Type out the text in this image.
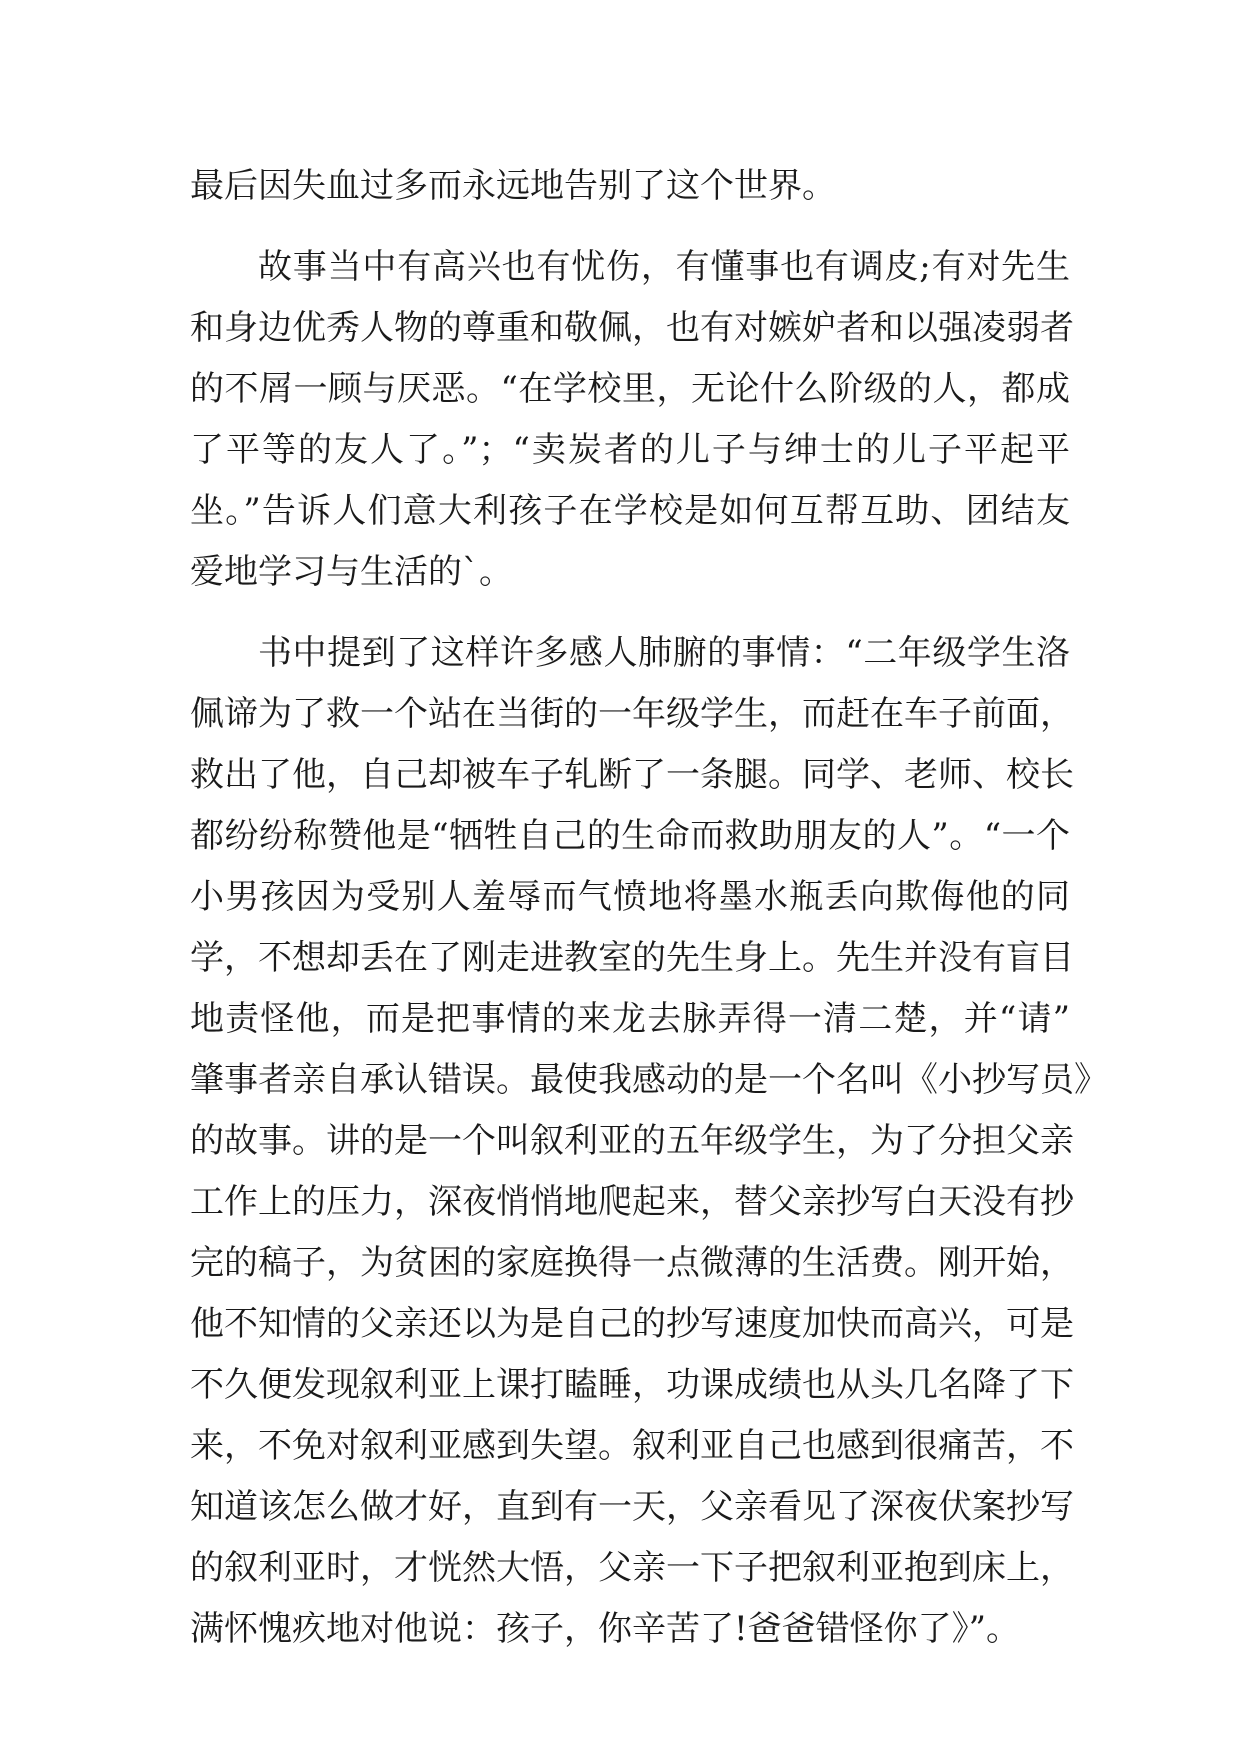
最后因失血过多而永远地告别了这个世界。
故事当中有高兴也有忧伤，有懂事也有调皮;有对先生
和身边优秀人物的尊重和敬佩，也有对嫉妒者和以强凌弱者
的不屑一顾与厌恶。“在学校里，无论什么阶级的人，都成
了平等的友人了。”；“卖炭者的儿子与绅士的儿子平起平
坐。”告诉人们意大利孩子在学校是如何互帮互助、团结友
爱地学习与生活的`。
书中提到了这样许多感人肺腑的事情：“二年级学生洛
佩谛为了救一个站在当街的一年级学生，而赶在车子前面，
救出了他，自己却被车子轧断了一条腿。同学、老师、校长
都纷纷称赞他是“牺牲自己的生命而救助朋友的人”。“一个
小男孩因为受别人羞辱而气愤地将墨水瓶丢向欺侮他的同
学，不想却丢在了刚走进教室的先生身上。先生并没有盲目
地责怪他，而是把事情的来龙去脉弄得一清二楚，并“请”
肇事者亲自承认错误。最使我感动的是一个名叫《小抄写员》
的故事。讲的是一个叫叙利亚的五年级学生，为了分担父亲
工作上的压力，深夜悄悄地爬起来，替父亲抄写白天没有抄
完的稿子，为贫困的家庭换得一点微薄的生活费。刚开始，
他不知情的父亲还以为是自己的抄写速度加快而高兴，可是
不久便发现叙利亚上课打瞌睡，功课成绩也从头几名降了下
来，不免对叙利亚感到失望。叙利亚自己也感到很痛苦，不
知道该怎么做才好，直到有一天，父亲看见了深夜伏案抄写
的叙利亚时，才恍然大悟，父亲一下子把叙利亚抱到床上，
满怀愧疚地对他说：孩子，你辛苦了!爸爸错怪你了》”。
